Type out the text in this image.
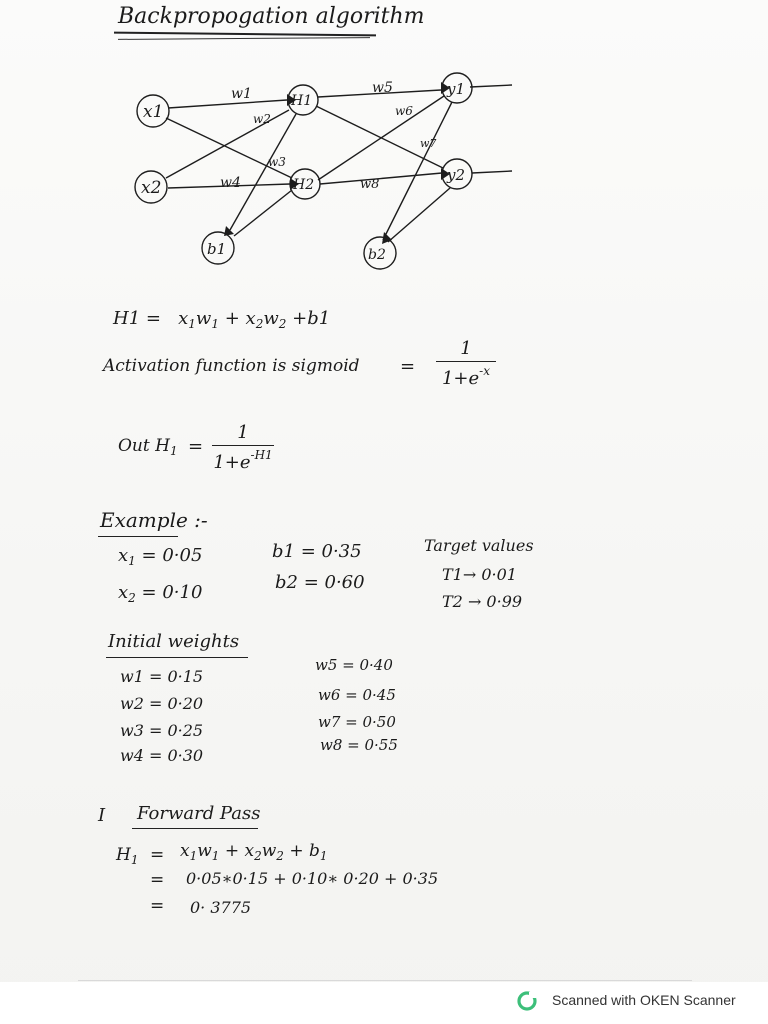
Backpropogation algorithm
x1
x2
H1
H2
y1
y2
b1	b2
w1
w2
w3
w4
w5
w6
w7
w8
$H1 = x_1w_1 + x_2w_2 +b1$
Activation function is sigmoid =
1
$1+e^{-x}$
Out $H_1$ =
1
$1+e^{-H1}$
Example :-
$x_1 = 0\cdot 05$
$x_2 = 0\cdot 10$
b1 = 0·35
b2 = 0·60
Target values
T1→ 0·01
T2 → 0·99
Initial weights
w1 = 0·15
w2 = 0·20
w3 = 0·25
w4 = 0·30
w5 = 0·40
w6 = 0·45
w7 = 0·50
w8 = 0·55
I Forward Pass
$H_1 = x_1w_1 + x_2w_2 + b_1$
= 0·05∗0·15 + 0·10∗ 0·20 + 0·35
= 0· 3775
Scanned with OKEN Scanner
